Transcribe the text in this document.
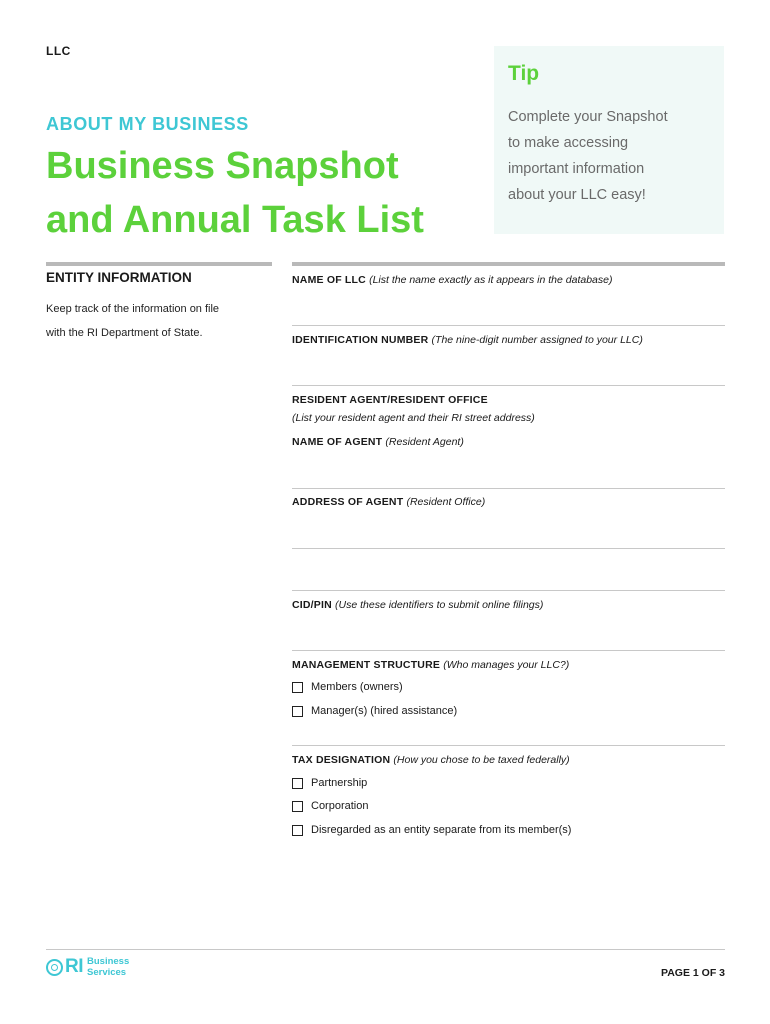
LLC
Tip
Complete your Snapshot
to make accessing
important information
about your LLC easy!
ABOUT MY BUSINESS
Business Snapshot
and Annual Task List
ENTITY INFORMATION
Keep track of the information on file
with the RI Department of State.
NAME OF LLC (List the name exactly as it appears in the database)
IDENTIFICATION NUMBER (The nine-digit number assigned to your LLC)
RESIDENT AGENT/RESIDENT OFFICE
(List your resident agent and their RI street address)
NAME OF AGENT (Resident Agent)
ADDRESS OF AGENT (Resident Office)
CID/PIN (Use these identifiers to submit online filings)
MANAGEMENT STRUCTURE (Who manages your LLC?)
Members (owners)
Manager(s) (hired assistance)
TAX DESIGNATION (How you chose to be taxed federally)
Partnership
Corporation
Disregarded as an entity separate from its member(s)
RI Business
Services	PAGE 1 OF 3
